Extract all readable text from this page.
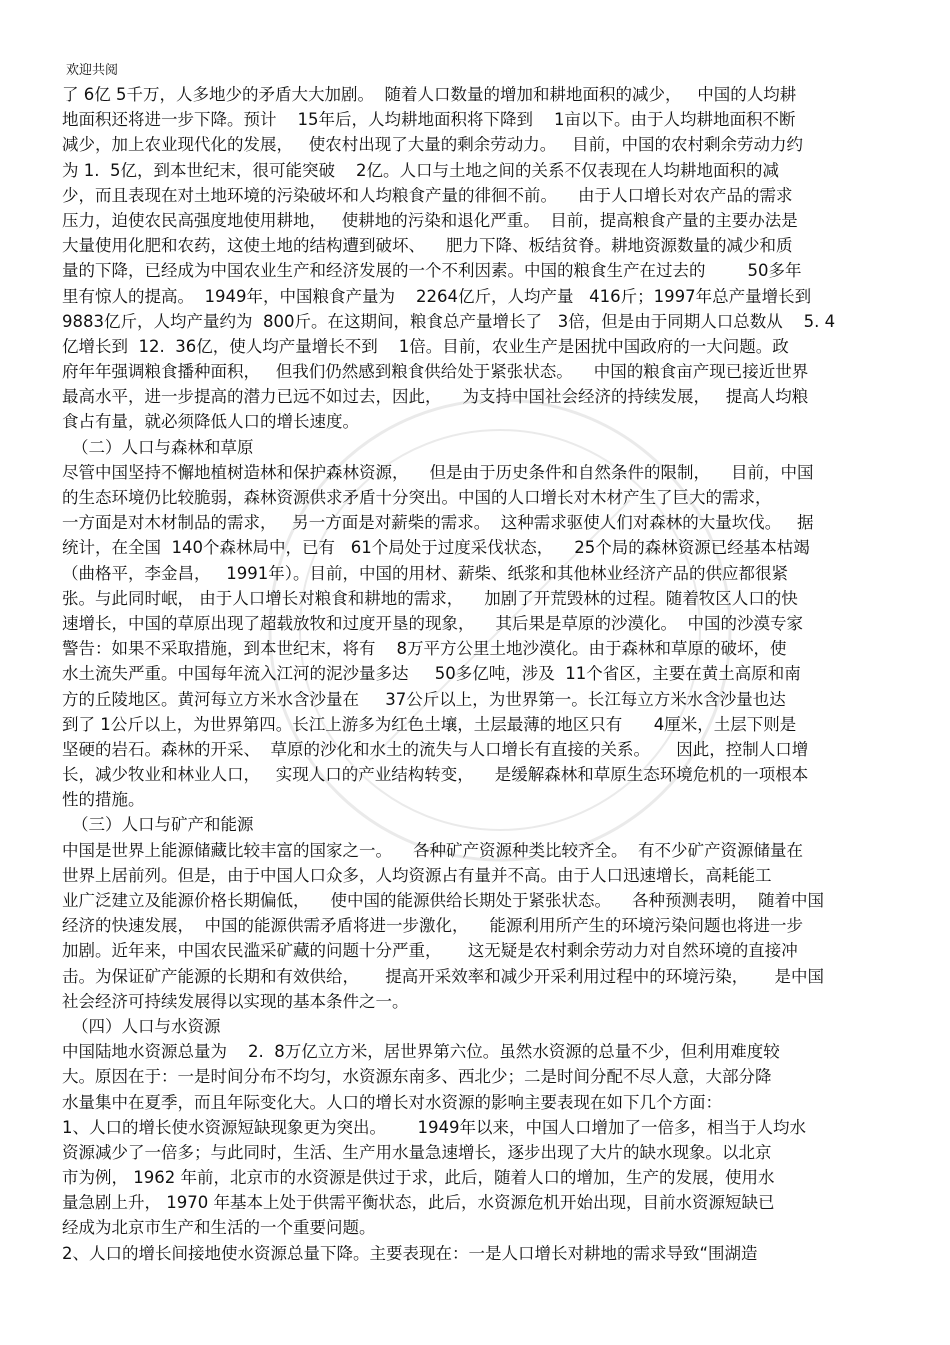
欢迎共阅
了 6亿 5千万，人多地少的矛盾大大加剧。  随着人口数量的增加和耕地面积的减少，   中国的人均耕
地面积还将进一步下降。预计    15年后，人均耕地面积将下降到    1亩以下。由于人均耕地面积不断
减少，加上农业现代化的发展，   使农村出现了大量的剩余劳动力。   目前，中国的农村剩余劳动力约
为 1.  5亿，到本世纪末，很可能突破    2亿。人口与土地之间的关系不仅表现在人均耕地面积的减
少，而且表现在对土地环境的污染破坏和人均粮食产量的徘徊不前。    由于人口增长对农产品的需求
压力，迫使农民高强度地使用耕地，   使耕地的污染和退化严重。  目前，提高粮食产量的主要办法是
大量使用化肥和农药，这使土地的结构遭到破坏、    肥力下降、板结贫脊。耕地资源数量的减少和质
量的下降，已经成为中国农业生产和经济发展的一个不利因素。中国的粮食生产在过去的        50多年
里有惊人的提高。  1949年，中国粮食产量为    2264亿斤，人均产量   416斤；1997年总产量增长到
9883亿斤，人均产量约为  800斤。在这期间，粮食总产量增长了   3倍，但是由于同期人口总数从    5. 4
亿增长到  12.  36亿，使人均产量增长不到    1倍。目前，农业生产是困扰中国政府的一大问题。政
府年年强调粮食播种面积，   但我们仍然感到粮食供给处于紧张状态。    中国的粮食亩产现已接近世界
最高水平，进一步提高的潜力已远不如过去，因此，    为支持中国社会经济的持续发展，   提高人均粮
食占有量，就必须降低人口的增长速度。
（二）人口与森林和草原
尽管中国坚持不懈地植树造林和保护森林资源，    但是由于历史条件和自然条件的限制，    目前，中国
的生态环境仍比较脆弱，森林资源供求矛盾十分突出。中国的人口增长对木材产生了巨大的需求，
一方面是对木材制品的需求，   另一方面是对薪柴的需求。  这种需求驱使人们对森林的大量坎伐。   据
统计，在全国  140个森林局中，已有   61个局处于过度采伐状态，    25个局的森林资源已经基本枯竭
（曲格平，李金昌，   1991年）。目前，中国的用材、薪柴、纸浆和其他林业经济产品的供应都很紧
张。与此同时岷， 由于人口增长对粮食和耕地的需求，    加剧了开荒毁林的过程。随着牧区人口的快
速增长，中国的草原出现了超载放牧和过度开垦的现象，    其后果是草原的沙漠化。  中国的沙漠专家
警告：如果不采取措施，到本世纪末，将有    8万平方公里土地沙漠化。由于森林和草原的破坏，使
水土流失严重。中国每年流入江河的泥沙量多达     50多亿吨，涉及  11个省区，主要在黄土高原和南
方的丘陵地区。黄河每立方米水含沙量在     37公斤以上，为世界第一。长江每立方米水含沙量也达
到了 1公斤以上，为世界第四。长江上游多为红色土壤，土层最薄的地区只有      4厘米，土层下则是
坚硬的岩石。森林的开采、  草原的沙化和水土的流失与人口增长有直接的关系。     因此，控制人口增
长，减少牧业和林业人口，   实现人口的产业结构转变，    是缓解森林和草原生态环境危机的一项根本
性的措施。
（三）人口与矿产和能源
中国是世界上能源储藏比较丰富的国家之一。    各种矿产资源种类比较齐全。  有不少矿产资源储量在
世界上居前列。但是，由于中国人口众多，人均资源占有量并不高。由于人口迅速增长，高耗能工
业广泛建立及能源价格长期偏低，    使中国的能源供给长期处于紧张状态。    各种预测表明，  随着中国
经济的快速发展，  中国的能源供需矛盾将进一步激化，    能源利用所产生的环境污染问题也将进一步
加剧。近年来，中国农民滥采矿藏的问题十分严重，     这无疑是农村剩余劳动力对自然环境的直接冲
击。为保证矿产能源的长期和有效供给，     提高开采效率和减少开采利用过程中的环境污染，     是中国
社会经济可持续发展得以实现的基本条件之一。
（四）人口与水资源
中国陆地水资源总量为    2.  8万亿立方米，居世界第六位。虽然水资源的总量不少，但利用难度较
大。原因在于：一是时间分布不均匀，水资源东南多、西北少；二是时间分配不尽人意，大部分降
水量集中在夏季，而且年际变化大。人口的增长对水资源的影响主要表现在如下几个方面：
1、人口的增长使水资源短缺现象更为突出。      1949年以来，中国人口增加了一倍多，相当于人均水
资源减少了一倍多；与此同时，生活、生产用水量急速增长，逐步出现了大片的缺水现象。以北京
市为例， 1962 年前，北京市的水资源是供过于求，此后，随着人口的增加，生产的发展，使用水
量急剧上升， 1970 年基本上处于供需平衡状态，此后，水资源危机开始出现，目前水资源短缺已
经成为北京市生产和生活的一个重要问题。
2、人口的增长间接地使水资源总量下降。主要表现在：一是人口增长对耕地的需求导致“围湖造
